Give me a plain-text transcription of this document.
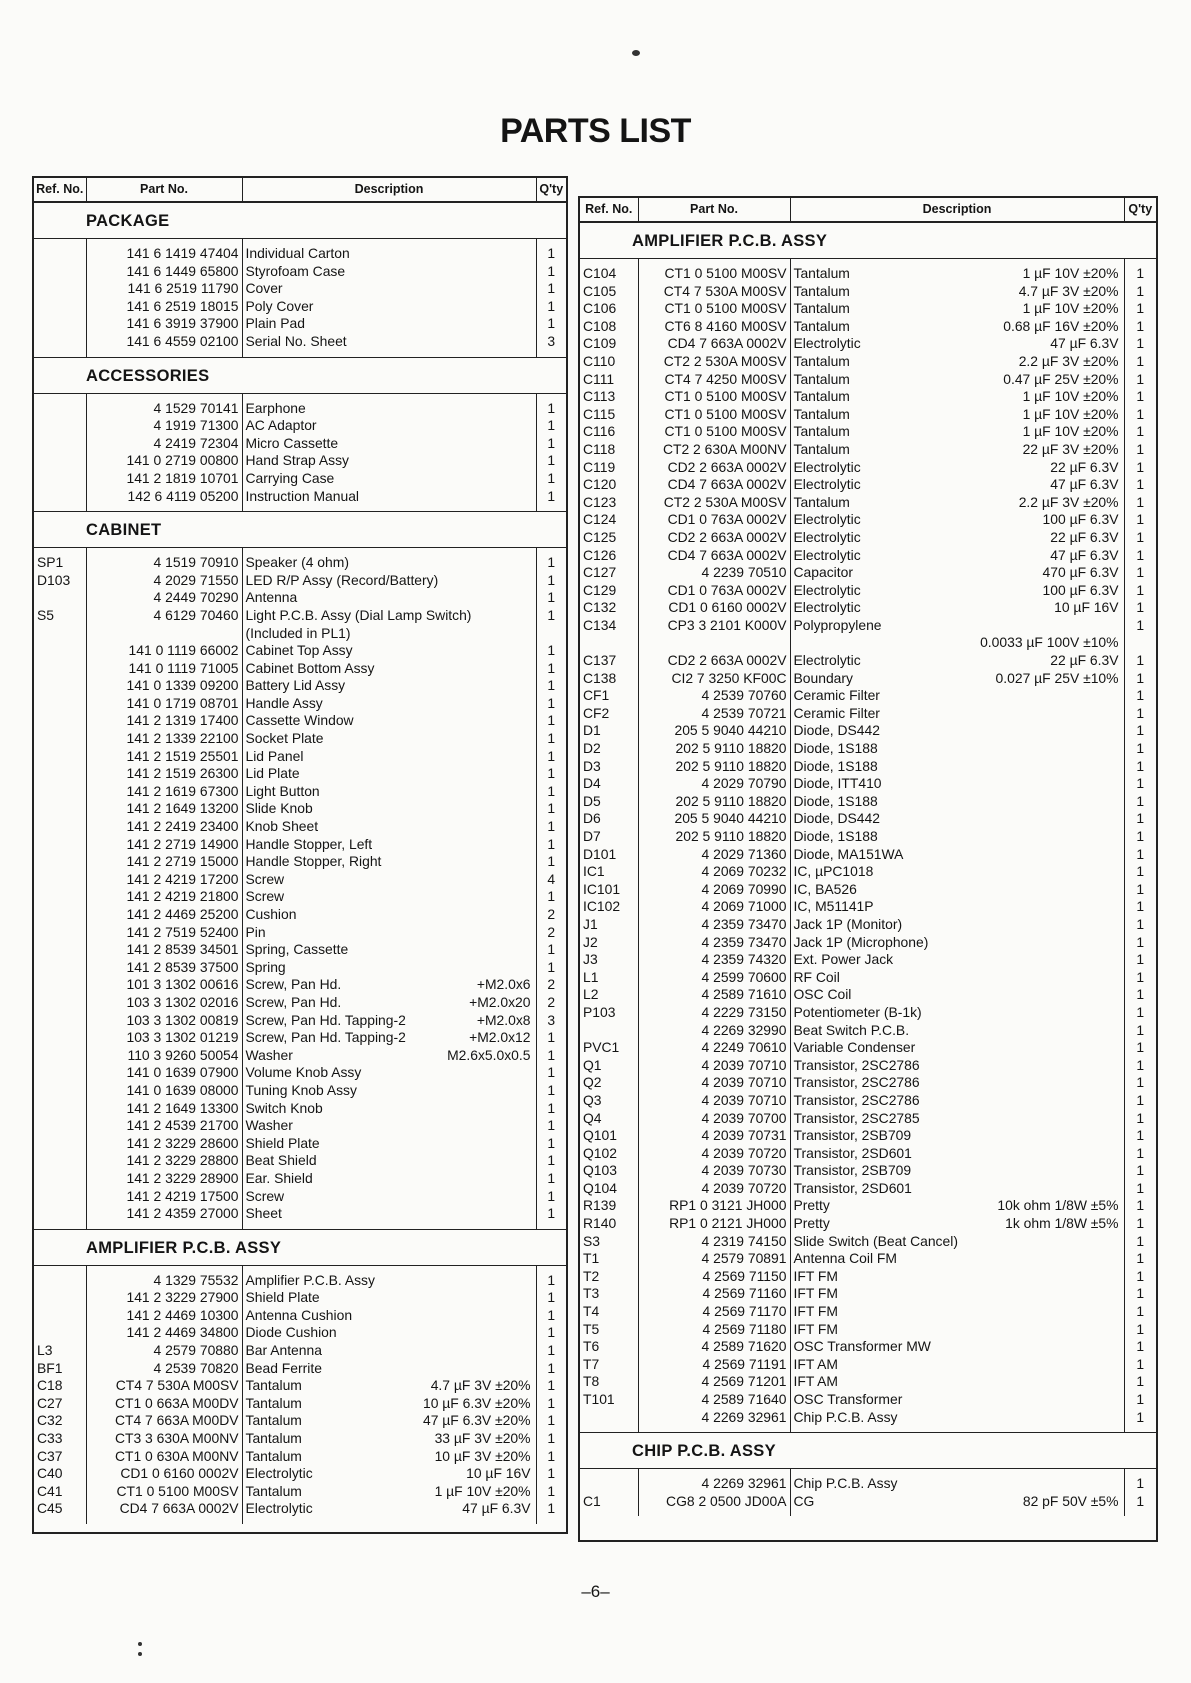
PARTS LIST
Ref. No.	Part No.	Description	Q'ty
PACKAGE			
	141 6 1419 47404	Individual Carton	1
	141 6 1449 65800	Styrofoam Case	1
	141 6 2519 11790	Cover	1
	141 6 2519 18015	Poly Cover	1
	141 6 3919 37900	Plain Pad	1
	141 6 4559 02100	Serial No. Sheet	3
ACCESSORIES			
	4 1529 70141	Earphone	1
	4 1919 71300	AC Adaptor	1
	4 2419 72304	Micro Cassette	1
	141 0 2719 00800	Hand Strap Assy	1
	141 2 1819 10701	Carrying Case	1
	142 6 4119 05200	Instruction Manual	1
CABINET			
SP1	4 1519 70910	Speaker (4 ohm)	1
D103	4 2029 71550	LED R/P Assy (Record/Battery)	1
	4 2449 70290	Antenna	1
S5	4 6129 70460	Light P.C.B. Assy (Dial Lamp Switch)	1
		(Included in PL1)

	141 0 1119 66002	Cabinet Top Assy	1
	141 0 1119 71005	Cabinet Bottom Assy	1
	141 0 1339 09200	Battery Lid Assy	1
	141 0 1719 08701	Handle Assy	1
	141 2 1319 17400	Cassette Window	1
	141 2 1339 22100	Socket Plate	1
	141 2 1519 25501	Lid Panel	1
	141 2 1519 26300	Lid Plate	1
	141 2 1619 67300	Light Button	1
	141 2 1649 13200	Slide Knob	1
	141 2 2419 23400	Knob Sheet	1
	141 2 2719 14900	Handle Stopper, Left	1
	141 2 2719 15000	Handle Stopper, Right	1
	141 2 4219 17200	Screw	4
	141 2 4219 21800	Screw	1
	141 2 4469 25200	Cushion	2
	141 2 7519 52400	Pin	2
	141 2 8539 34501	Spring, Cassette	1
	141 2 8539 37500	Spring	1
	101 3 1302 00616	Screw, Pan Hd. +M2.0x6	2
	103 3 1302 02016	Screw, Pan Hd. +M2.0x20	2
	103 3 1302 00819	Screw, Pan Hd. Tapping-2 +M2.0x8	3
	103 3 1302 01219	Screw, Pan Hd. Tapping-2 +M2.0x12	1
	110 3 9260 50054	Washer M2.6x5.0x0.5	1
	141 0 1639 07900	Volume Knob Assy	1
	141 0 1639 08000	Tuning Knob Assy	1
	141 2 1649 13300	Switch Knob	1
	141 2 4539 21700	Washer	1
	141 2 3229 28600	Shield Plate	1
	141 2 3229 28800	Beat Shield	1
	141 2 3229 28900	Ear. Shield	1
	141 2 4219 17500	Screw	1
	141 2 4359 27000	Sheet	1
AMPLIFIER P.C.B. ASSY			
	4 1329 75532	Amplifier P.C.B. Assy	1
	141 2 3229 27900	Shield Plate	1
	141 2 4469 10300	Antenna Cushion	1
	141 2 4469 34800	Diode Cushion	1
L3	4 2579 70880	Bar Antenna	1
BF1	4 2539 70820	Bead Ferrite	1
C18	CT4 7 530A M00SV	Tantalum 4.7 µF 3V ±20%	1
C27	CT1 0 663A M00DV	Tantalum 10 µF 6.3V ±20%	1
C32	CT4 7 663A M00DV	Tantalum 47 µF 6.3V ±20%	1
C33	CT3 3 630A M00NV	Tantalum 33 µF 3V ±20%	1
C37	CT1 0 630A M00NV	Tantalum 10 µF 3V ±20%	1
C40	CD1 0 6160 0002V	Electrolytic 10 µF 16V	1
C41	CT1 0 5100 M00SV	Tantalum 1 µF 10V ±20%	1
C45	CD4 7 663A 0002V	Electrolytic 47 µF 6.3V	1
Ref. No.	Part No.	Description	Q'ty
AMPLIFIER P.C.B. ASSY			
C104	CT1 0 5100 M00SV	Tantalum 1 µF 10V ±20%	1
C105	CT4 7 530A M00SV	Tantalum 4.7 µF 3V ±20%	1
C106	CT1 0 5100 M00SV	Tantalum 1 µF 10V ±20%	1
C108	CT6 8 4160 M00SV	Tantalum 0.68 µF 16V ±20%	1
C109	CD4 7 663A 0002V	Electrolytic 47 µF 6.3V	1
C110	CT2 2 530A M00SV	Tantalum 2.2 µF 3V ±20%	1
C111	CT4 7 4250 M00SV	Tantalum 0.47 µF 25V ±20%	1
C113	CT1 0 5100 M00SV	Tantalum 1 µF 10V ±20%	1
C115	CT1 0 5100 M00SV	Tantalum 1 µF 10V ±20%	1
C116	CT1 0 5100 M00SV	Tantalum 1 µF 10V ±20%	1
C118	CT2 2 630A M00NV	Tantalum 22 µF 3V ±20%	1
C119	CD2 2 663A 0002V	Electrolytic 22 µF 6.3V	1
C120	CD4 7 663A 0002V	Electrolytic 47 µF 6.3V	1
C123	CT2 2 530A M00SV	Tantalum 2.2 µF 3V ±20%	1
C124	CD1 0 763A 0002V	Electrolytic 100 µF 6.3V	1
C125	CD2 2 663A 0002V	Electrolytic 22 µF 6.3V	1
C126	CD4 7 663A 0002V	Electrolytic 47 µF 6.3V	1
C127	4 2239 70510	Capacitor 470 µF 6.3V	1
C129	CD1 0 763A 0002V	Electrolytic 100 µF 6.3V	1
C132	CD1 0 6160 0002V	Electrolytic 10 µF 16V	1
C134	CP3 3 2101 K000V	Polypropylene	1

		0.0033 µF 100V ±10%	

C137	CD2 2 663A 0002V	Electrolytic 22 µF 6.3V	1
C138	CI2 7 3250 KF00C	Boundary 0.027 µF 25V ±10%	1
CF1	4 2539 70760	Ceramic Filter	1
CF2	4 2539 70721	Ceramic Filter	1
D1	205 5 9040 44210	Diode, DS442	1
D2	202 5 9110 18820	Diode, 1S188	1
D3	202 5 9110 18820	Diode, 1S188	1
D4	4 2029 70790	Diode, ITT410	1
D5	202 5 9110 18820	Diode, 1S188	1
D6	205 5 9040 44210	Diode, DS442	1
D7	202 5 9110 18820	Diode, 1S188	1
D101	4 2029 71360	Diode, MA151WA	1
IC1	4 2069 70232	IC, µPC1018	1
IC101	4 2069 70990	IC, BA526	1
IC102	4 2069 71000	IC, M51141P	1
J1	4 2359 73470	Jack 1P (Monitor)	1
J2	4 2359 73470	Jack 1P (Microphone)	1
J3	4 2359 74320	Ext. Power Jack	1
L1	4 2599 70600	RF Coil	1
L2	4 2589 71610	OSC Coil	1
P103	4 2229 73150	Potentiometer (B-1k)	1
	4 2269 32990	Beat Switch P.C.B.	1
PVC1	4 2249 70610	Variable Condenser	1
Q1	4 2039 70710	Transistor, 2SC2786	1
Q2	4 2039 70710	Transistor, 2SC2786	1
Q3	4 2039 70710	Transistor, 2SC2786	1
Q4	4 2039 70700	Transistor, 2SC2785	1
Q101	4 2039 70731	Transistor, 2SB709	1
Q102	4 2039 70720	Transistor, 2SD601	1
Q103	4 2039 70730	Transistor, 2SB709	1
Q104	4 2039 70720	Transistor, 2SD601	1
R139	RP1 0 3121 JH000	Pretty 10k ohm 1/8W ±5%	1
R140	RP1 0 2121 JH000	Pretty 1k ohm 1/8W ±5%	1
S3	4 2319 74150	Slide Switch (Beat Cancel)	1
T1	4 2579 70891	Antenna Coil FM	1
T2	4 2569 71150	IFT FM	1
T3	4 2569 71160	IFT FM	1
T4	4 2569 71170	IFT FM	1
T5	4 2569 71180	IFT FM	1
T6	4 2589 71620	OSC Transformer MW	1
T7	4 2569 71191	IFT AM	1
T8	4 2569 71201	IFT AM	1
T101	4 2589 71640	OSC Transformer	1
	4 2269 32961	Chip P.C.B. Assy	1
CHIP P.C.B. ASSY			
	4 2269 32961	Chip P.C.B. Assy	1
C1	CG8 2 0500 JD00A	CG 82 pF 50V ±5%	1
–6–
